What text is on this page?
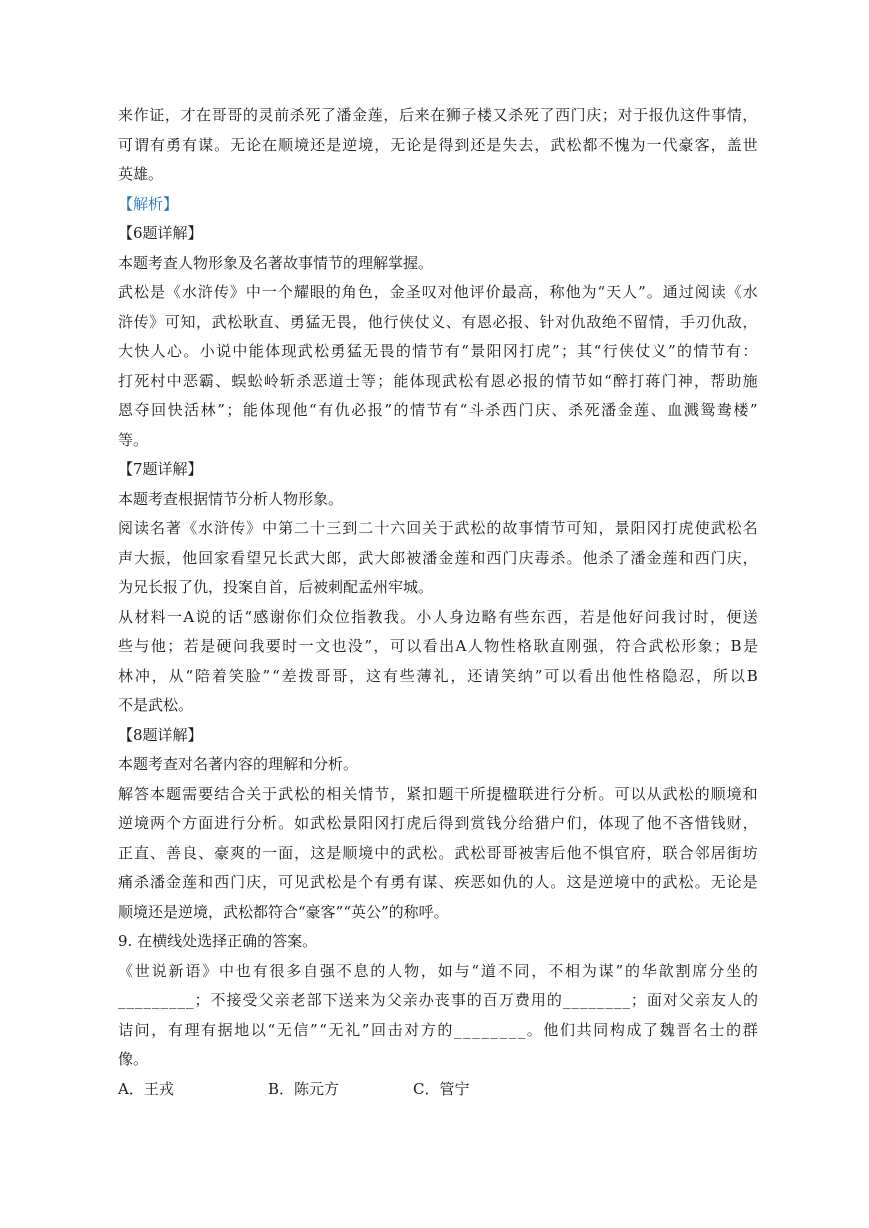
来 作 证 ， 才 在 哥 哥 的 灵 前 杀 死 了 潘 金 莲 ， 后 来 在 狮 子 楼 又 杀 死 了 西 门 庆 ； 对 于 报 仇 这 件 事 情 ，
可 谓 有 勇 有 谋 。 无 论 在 顺 境 还 是 逆 境 ， 无 论 是 得 到 还 是 失 去 ， 武 松 都 不 愧 为 一 代 豪 客 ， 盖 世
英雄。
【解析】
【6题详解】
本题考查人物形象及名著故事情节的理解掌握。
武 松 是 《 水 浒 传 》 中 一 个 耀 眼 的 角 色 ， 金 圣 叹 对 他 评 价 最 高 ， 称 他 为 “ 天 人 ” 。 通 过 阅 读 《 水
浒 传 》 可 知 ， 武 松 耿 直 、 勇 猛 无 畏 ， 他 行 侠 仗 义 、 有 恩 必 报 、 针 对 仇 敌 绝 不 留 情 ， 手 刃 仇 敌 ，
大 快 人 心 。 小 说 中 能 体 现 武 松 勇 猛 无 畏 的 情 节 有 “ 景 阳 冈 打 虎 ” ； 其 “ 行 侠 仗 义 ” 的 情 节 有 ：
打 死 村 中 恶 霸 、 蜈 蚣 岭 斩 杀 恶 道 士 等 ； 能 体 现 武 松 有 恩 必 报 的 情 节 如 “ 醉 打 蒋 门 神 ， 帮 助 施
恩 夺 回 快 活 林 ” ； 能 体 现 他 “ 有 仇 必 报 ” 的 情 节 有 “ 斗 杀 西 门 庆 、 杀 死 潘 金 莲 、 血 溅 鸳 鸯 楼 ”
等。
【7题详解】
本题考查根据情节分析人物形象。
阅 读 名 著 《 水 浒 传 》 中 第 二 十 三 到 二 十 六 回 关 于 武 松 的 故 事 情 节 可 知 ， 景 阳 冈 打 虎 使 武 松 名
声 大 振 ， 他 回 家 看 望 兄 长 武 大 郎 ， 武 大 郎 被 潘 金 莲 和 西 门 庆 毒 杀 。 他 杀 了 潘 金 莲 和 西 门 庆 ，
为兄长报了仇，投案自首，后被刺配孟州牢城。
从 材 料 一 A 说 的 话 “ 感 谢 你 们 众 位 指 教 我 。 小 人 身 边 略 有 些 东 西 ， 若 是 他 好 问 我 讨 时 ， 便 送
些 与 他 ； 若 是 硬 问 我 要 时 一 文 也 没 ” ， 可 以 看 出 A 人 物 性 格 耿 直 刚 强 ， 符 合 武 松 形 象 ； B 是
林 冲 ， 从 “ 陪 着 笑 脸 ” “ 差 拨 哥 哥 ， 这 有 些 薄 礼 ， 还 请 笑 纳 ” 可 以 看 出 他 性 格 隐 忍 ， 所 以 B
不是武松。
【8题详解】
本题考查对名著内容的理解和分析。
解 答 本 题 需 要 结 合 关 于 武 松 的 相 关 情 节 ， 紧 扣 题 干 所 提 楹 联 进 行 分 析 。 可 以 从 武 松 的 顺 境 和
逆 境 两 个 方 面 进 行 分 析 。 如 武 松 景 阳 冈 打 虎 后 得 到 赏 钱 分 给 猎 户 们 ， 体 现 了 他 不 吝 惜 钱 财 ，
正 直 、 善 良 、 豪 爽 的 一 面 ， 这 是 顺 境 中 的 武 松 。 武 松 哥 哥 被 害 后 他 不 惧 官 府 ， 联 合 邻 居 街 坊
痛 杀 潘 金 莲 和 西 门 庆 ， 可 见 武 松 是 个 有 勇 有 谋 、 疾 恶 如 仇 的 人 。 这 是 逆 境 中 的 武 松 。 无 论 是
顺境还是逆境，武松都符合“豪客”“英公”的称呼。
9. 在横线处选择正确的答案。
《 世 说 新 语 》 中 也 有 很 多 自 强 不 息 的 人 物 ， 如 与 “ 道 不 同 ， 不 相 为 谋 ” 的 华 歆 割 席 分 坐 的
_ _ _ _ _ _ _ _ _ ； 不 接 受 父 亲 老 部 下 送 来 为 父 亲 办 丧 事 的 百 万 费 用 的 _ _ _ _ _ _ _ _ ； 面 对 父 亲 友 人 的
诘 问 ， 有 理 有 据 地 以 “ 无 信 ” “ 无 礼 ” 回 击 对 方 的 _ _ _ _ _ _ _ _ 。 他 们 共 同 构 成 了 魏 晋 名 士 的 群
像。
A．王戎	B．陈元方	C．管宁
